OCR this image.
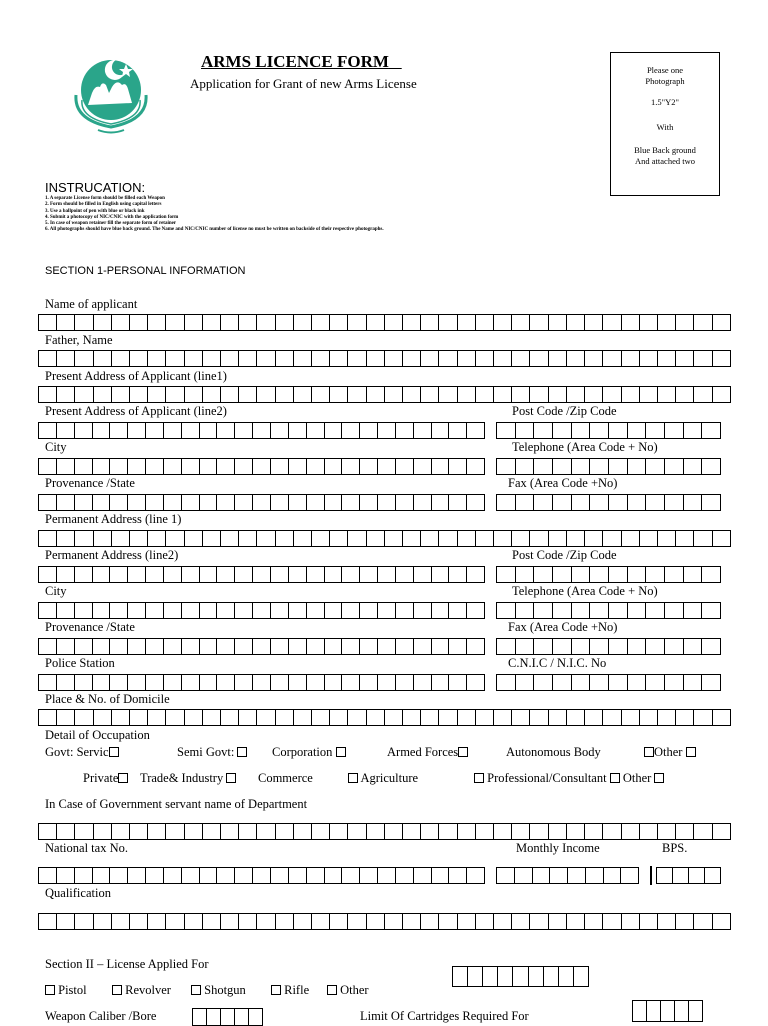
ARMS LICENCE FORM
Application for Grant of new Arms License
Please one
Photograph
1.5"Y2"
With
Blue Back ground
And attached two
INSTRUCATION:
1. A separate License form should be filled each Weapon
2. Form should be filled in English using capital letters
3. Use a ballpoint of pen with blue or black ink
4. Submit a photocopy of NIC/CNIC with the application form
5. In case of weapon retainer fill the separate form of retainer
6. All photographs should have blue back ground. The Name and NIC/CNIC number of license no must be written on backside of their respective photographs.
SECTION 1-PERSONAL INFORMATION
Name of applicant
Father, Name
Present Address of Applicant (line1)
Present Address of Applicant (line2)	Post Code /Zip Code
City	Telephone (Area Code + No)
Provenance /State	Fax (Area Code +No)
Permanent Address (line 1)
Permanent Address (line2)	Post Code /Zip Code
City	Telephone (Area Code + No)
Provenance /State	Fax (Area Code +No)
Police Station	C.N.I.C / N.I.C. No
Place & No. of Domicile
Detail of Occupation
Govt: Servic	Semi Govt:	Corporation	Armed Forces	Autonomous Body	Other
Private	Trade& Industry	Commerce	Agriculture	Professional/Consultant Other
In Case of Government servant name of Department
National tax No.	Monthly Income	BPS.
Qualification
Section II – License Applied For
Pistol	Revolver	Shotgun	Rifle	Other
Weapon Caliber /Bore	Limit Of Cartridges Required For
